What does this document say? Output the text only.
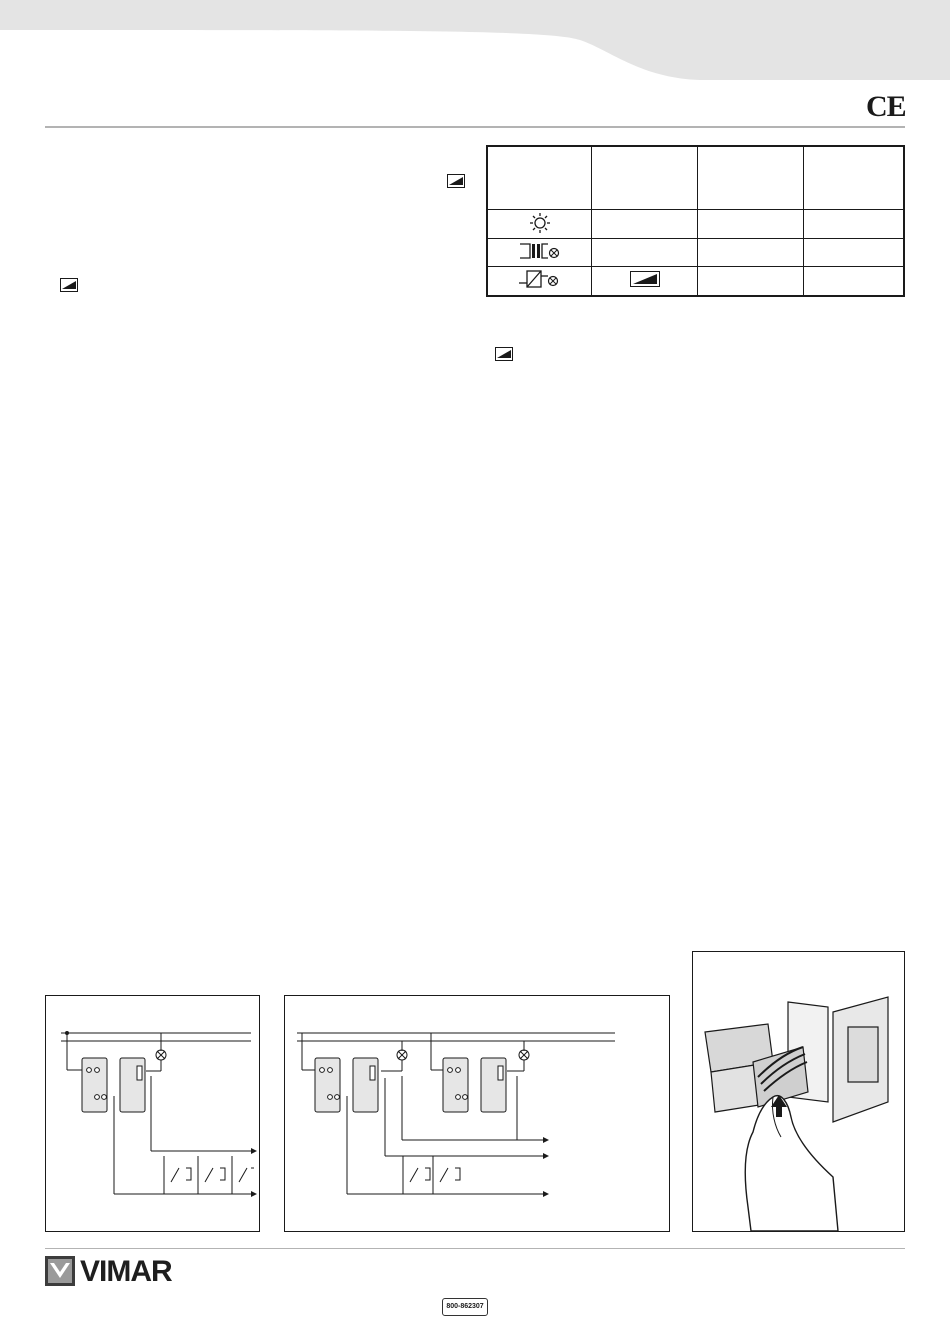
CE

VIMAR
800-862307
